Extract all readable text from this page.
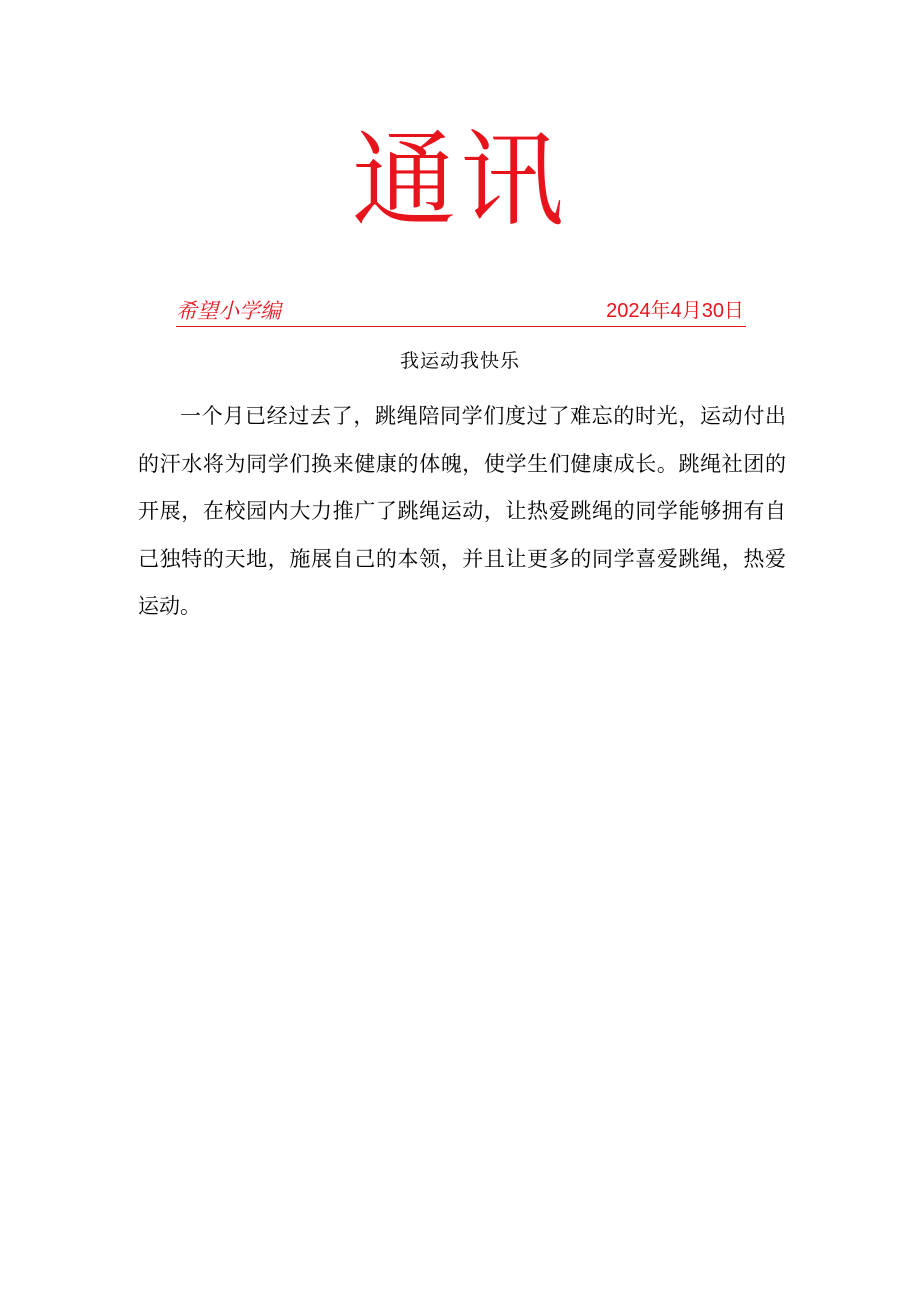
通讯
希望小学编	2024年4月30日
我运动我快乐

一个月已经过去了，跳绳陪同学们度过了难忘的时光，运动付出的汗水将为同学们换来健康的体魄，使学生们健康成长。跳绳社团的开展，在校园内大力推广了跳绳运动，让热爱跳绳的同学能够拥有自己独特的天地，施展自己的本领，并且让更多的同学喜爱跳绳，热爱运动。
